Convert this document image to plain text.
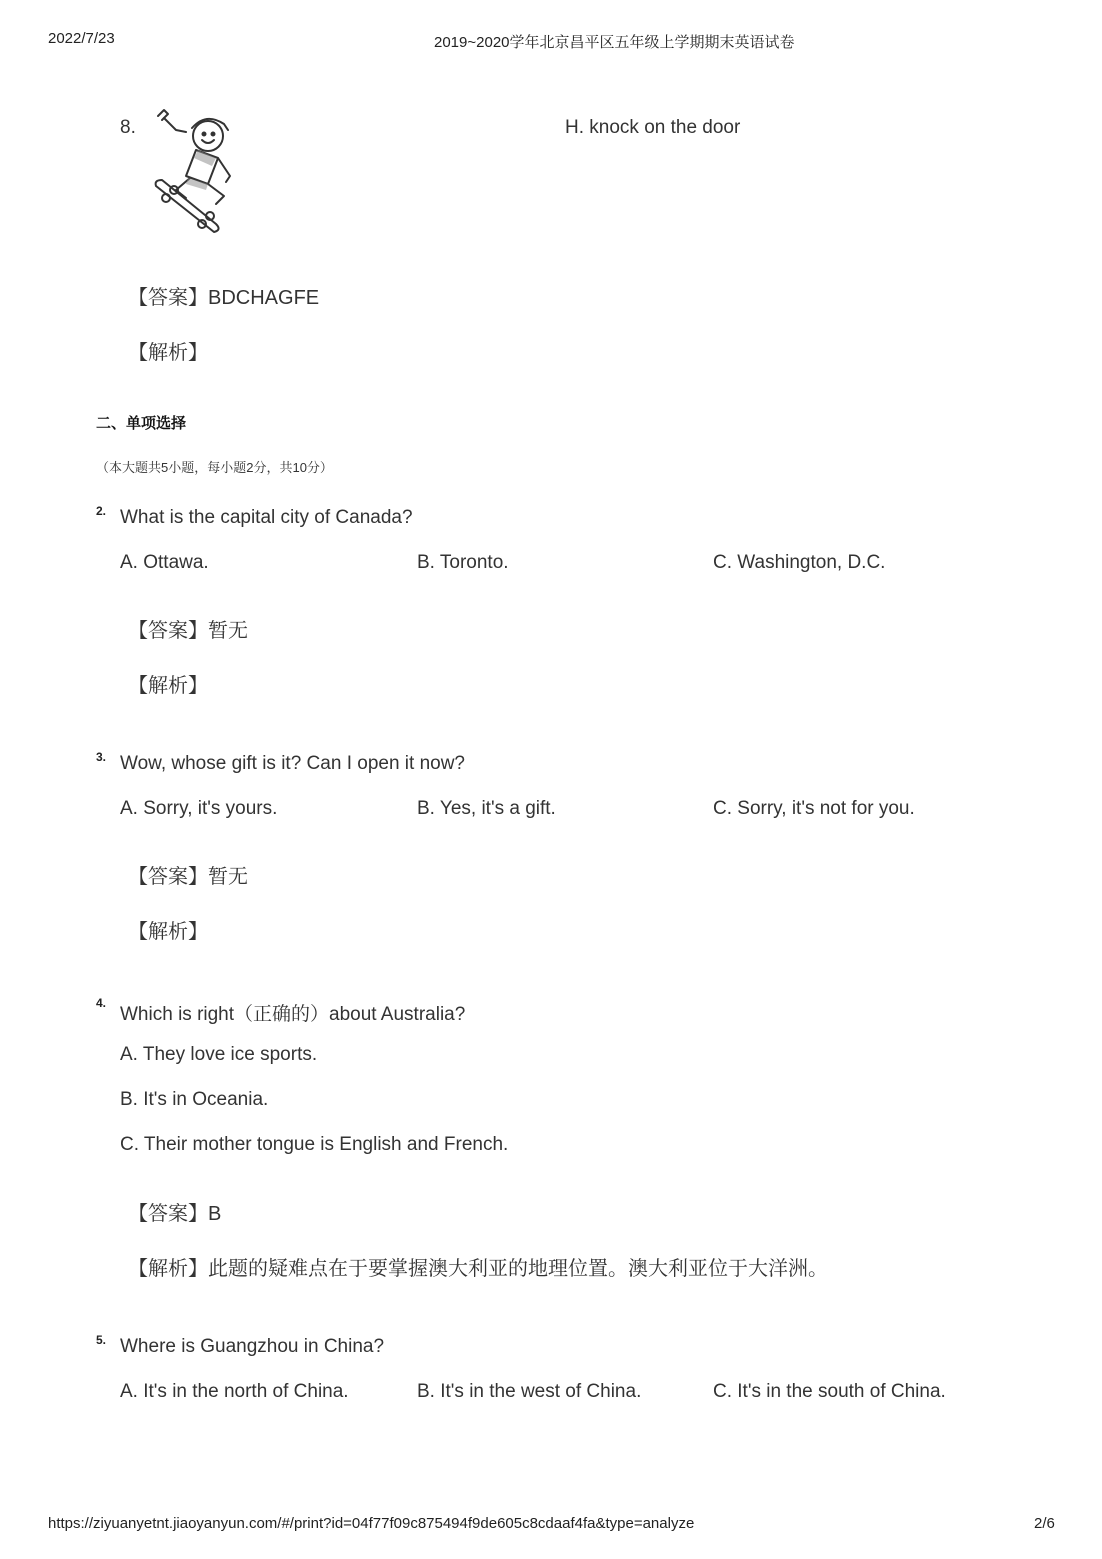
2022/7/23	2019~2020学年北京昌平区五年级上学期期末英语试卷
8.	H. knock on the door
【答案】BDCHAGFE
【解析】
二、单项选择
（本大题共5小题，每小题2分，共10分）
2. What is the capital city of Canada?
A. Ottawa.	B. Toronto.	C. Washington, D.C.
【答案】暂无
【解析】
3. Wow, whose gift is it? Can I open it now?
A. Sorry, it's yours.	B. Yes, it's a gift.	C. Sorry, it's not for you.
【答案】暂无
【解析】
4.
Which is right（正确的）about Australia?
A. They love ice sports.
B. It's in Oceania.
C. Their mother tongue is English and French.
【答案】B
【解析】此题的疑难点在于要掌握澳大利亚的地理位置。澳大利亚位于大洋洲。
5. Where is Guangzhou in China?
A. It's in the north of China.	B. It's in the west of China.	C. It's in the south of China.
https://ziyuanyetnt.jiaoyanyun.com/#/print?id=04f77f09c875494f9de605c8cdaaf4fa&type=analyze	2/6
